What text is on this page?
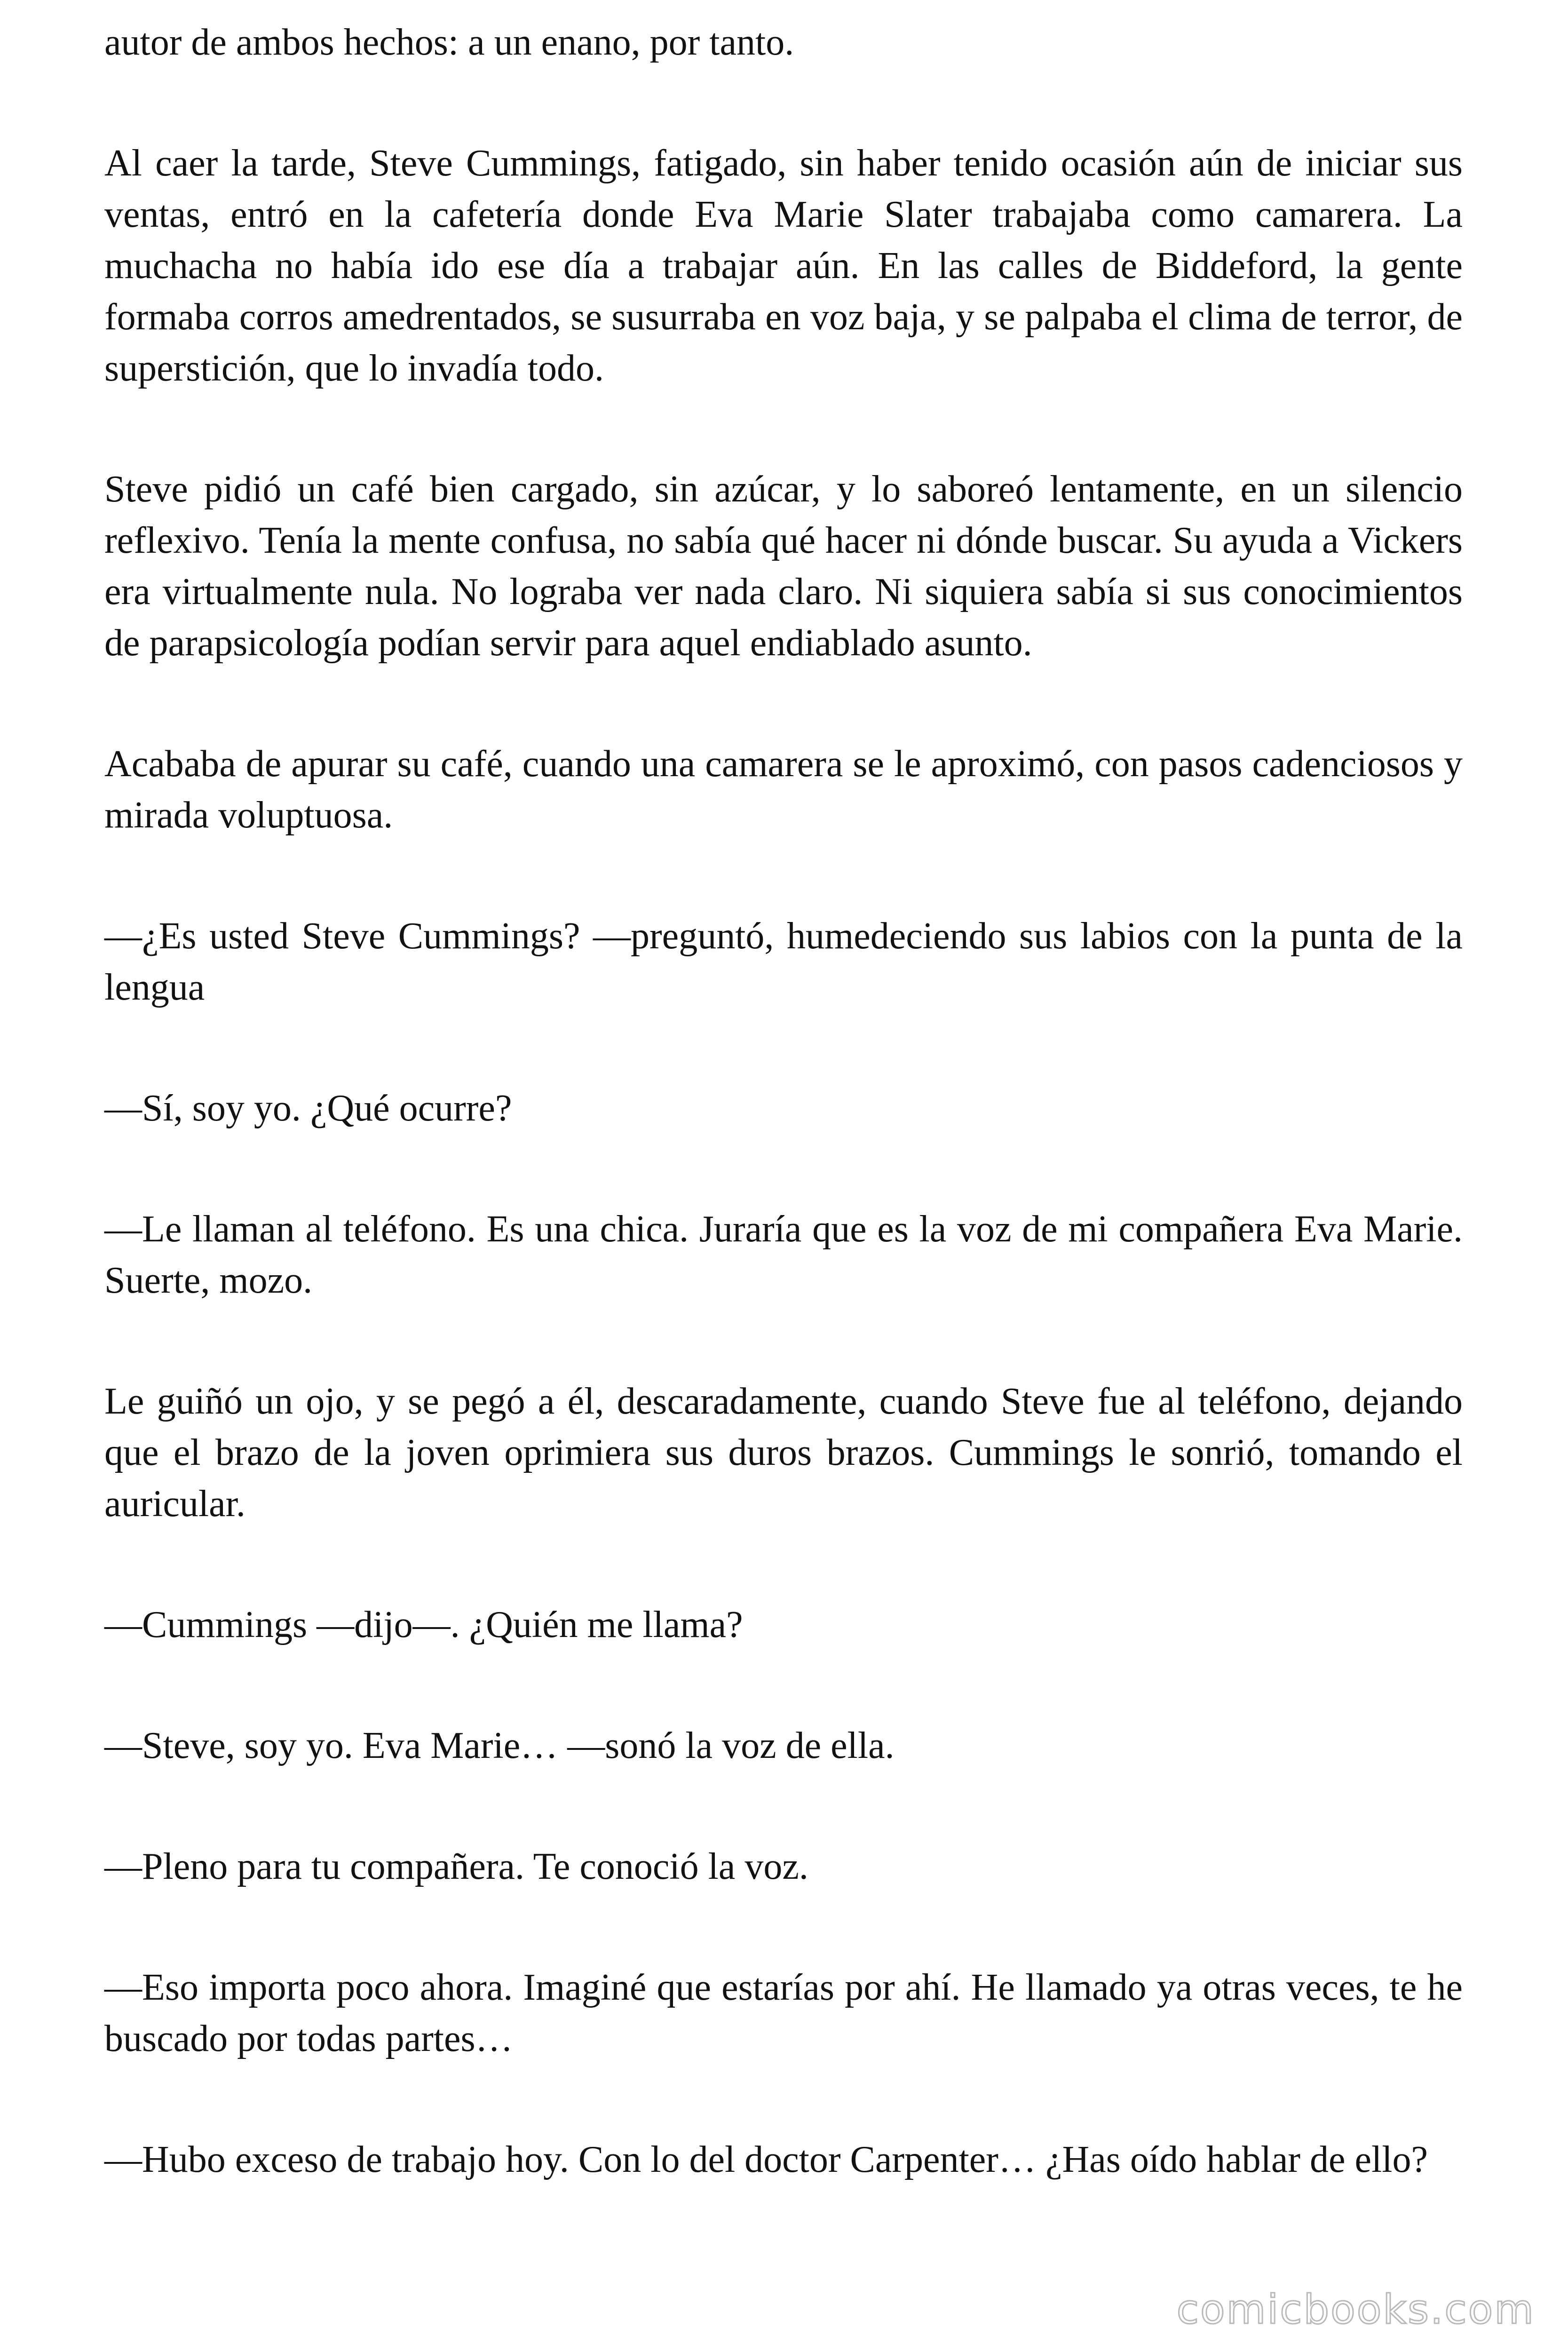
autor de ambos hechos: a un enano, por tanto.

Al caer la tarde, Steve Cummings, fatigado, sin haber tenido ocasión aún de iniciar sus ventas, entró en la cafetería donde Eva Marie Slater trabajaba como camarera. La muchacha no había ido ese día a trabajar aún. En las calles de Biddeford, la gente formaba corros amedrentados, se susurraba en voz baja, y se palpaba el clima de terror, de superstición, que lo invadía todo.

Steve pidió un café bien cargado, sin azúcar, y lo saboreó lentamente, en un silencio reflexivo. Tenía la mente confusa, no sabía qué hacer ni dónde buscar. Su ayuda a Vickers era virtualmente nula. No lograba ver nada claro. Ni siquiera sabía si sus conocimientos de parapsicología podían servir para aquel endiablado asunto.

Acababa de apurar su café, cuando una camarera se le aproximó, con pasos cadenciosos y mirada voluptuosa.

—¿Es usted Steve Cummings? —preguntó, humedeciendo sus labios con la punta de la lengua

—Sí, soy yo. ¿Qué ocurre?

—Le llaman al teléfono. Es una chica. Juraría que es la voz de mi compañera Eva Marie. Suerte, mozo.

Le guiñó un ojo, y se pegó a él, descaradamente, cuando Steve fue al teléfono, dejando que el brazo de la joven oprimiera sus duros brazos. Cummings le sonrió, tomando el auricular.

—Cummings —dijo—. ¿Quién me llama?

—Steve, soy yo. Eva Marie… —sonó la voz de ella.

—Pleno para tu compañera. Te conoció la voz.

—Eso importa poco ahora. Imaginé que estarías por ahí. He llamado ya otras veces, te he buscado por todas partes…

—Hubo exceso de trabajo hoy. Con lo del doctor Carpenter… ¿Has oído hablar de ello?

comicbooks.com
